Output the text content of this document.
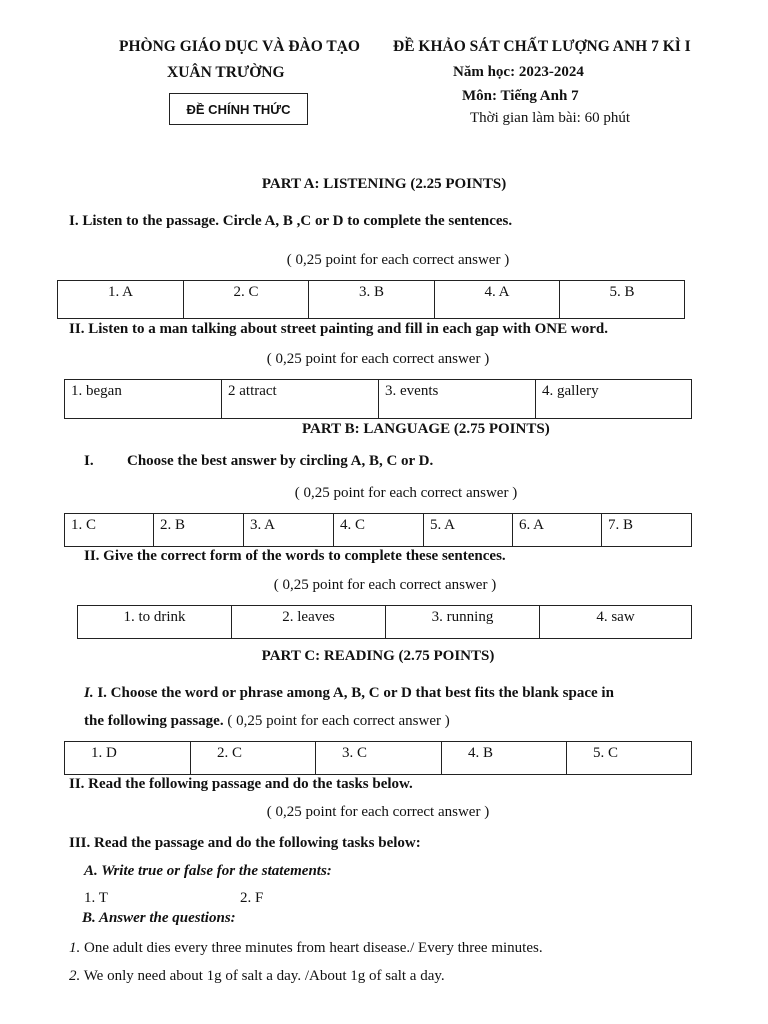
PHÒNG GIÁO DỤC VÀ ĐÀO TẠO
XUÂN TRƯỜNG
ĐỀ CHÍNH THỨC
ĐỀ KHẢO SÁT CHẤT LƯỢNG ANH 7 KÌ I
Năm học: 2023-2024
Môn: Tiếng Anh 7
Thời gian làm bài: 60 phút
PART A: LISTENING (2.25 POINTS)
I. Listen to the passage. Circle A, B ,C or D to complete the sentences.
( 0,25 point for each correct answer )
1. A	2. C	3. B	4. A	5. B
II. Listen to a man talking about street painting and fill in each gap with ONE word.
( 0,25 point for each correct answer )
1. began	2 attract	3. events	4. gallery
PART B: LANGUAGE (2.75 POINTS)
I. Choose the best answer by circling A, B, C or D.
( 0,25 point for each correct answer )
1. C	2. B	3. A	4. C	5. A	6. A	7. B
II. Give the correct form of the words to complete these sentences.
( 0,25 point for each correct answer )
1. to drink	2. leaves	3. running	4. saw
PART C: READING (2.75 POINTS)
I. I. Choose the word or phrase among A, B, C or D that best fits the blank space in
the following passage. ( 0,25 point for each correct answer )
1. D	2. C	3. C	4. B	5. C
II. Read the following passage and do the tasks below.
( 0,25 point for each correct answer )
III. Read the passage and do the following tasks below:
A. Write true or false for the statements:
1. T	2. F
B. Answer the questions:
1. One adult dies every three minutes from heart disease./ Every three minutes.
2. We only need about 1g of salt a day. /About 1g of salt a day.
